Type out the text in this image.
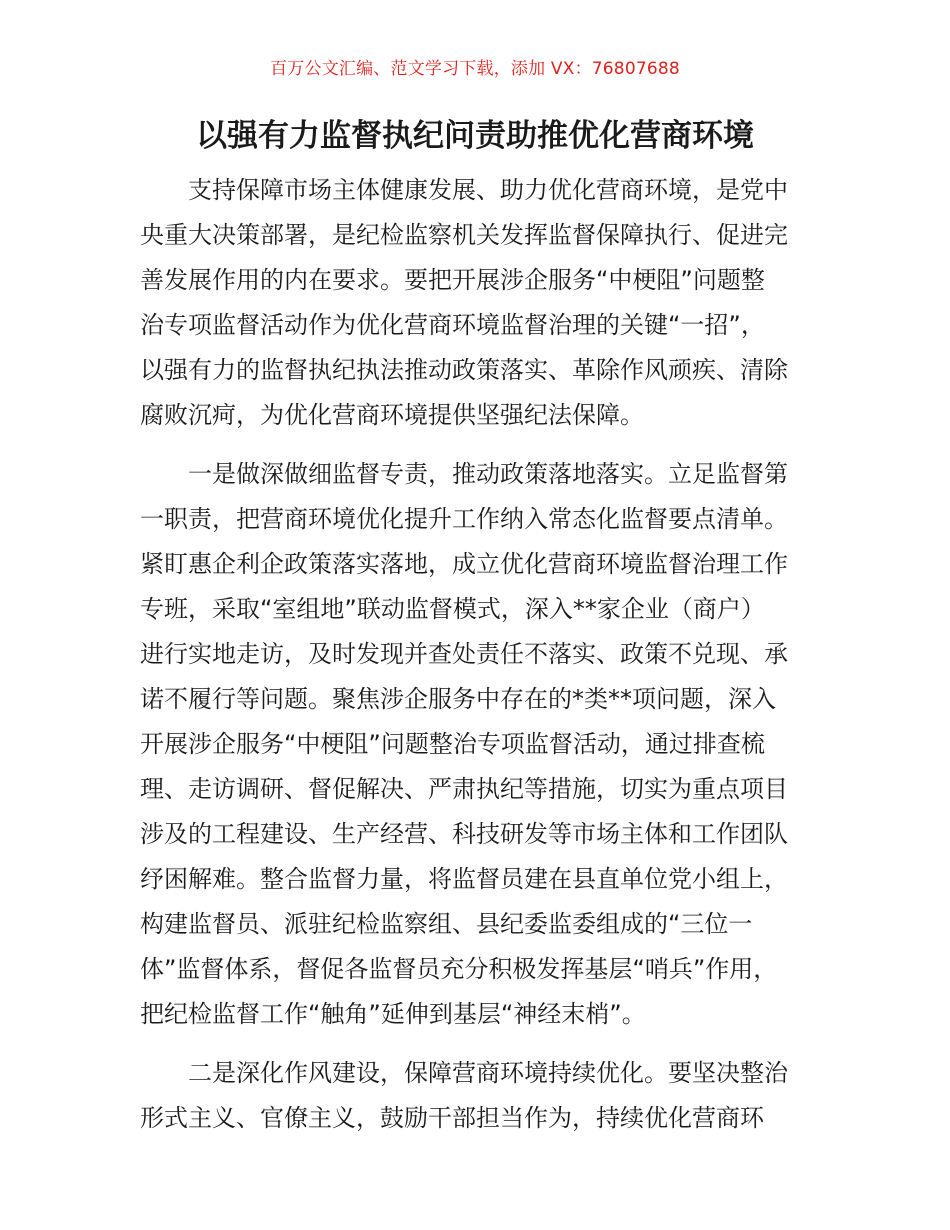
百万公文汇编、范文学习下载，添加 VX：76807688
以强有力监督执纪问责助推优化营商环境
支持保障市场主体健康发展、助力优化营商环境，是党中
央重大决策部署，是纪检监察机关发挥监督保障执行、促进完
善发展作用的内在要求。要把开展涉企服务“中梗阻”问题整
治专项监督活动作为优化营商环境监督治理的关键“一招”，
以强有力的监督执纪执法推动政策落实、革除作风顽疾、清除
腐败沉疴，为优化营商环境提供坚强纪法保障。
一是做深做细监督专责，推动政策落地落实。立足监督第
一职责，把营商环境优化提升工作纳入常态化监督要点清单。
紧盯惠企利企政策落实落地，成立优化营商环境监督治理工作
专班，采取“室组地”联动监督模式，深入**家企业（商户）
进行实地走访，及时发现并查处责任不落实、政策不兑现、承
诺不履行等问题。聚焦涉企服务中存在的*类**项问题，深入
开展涉企服务“中梗阻”问题整治专项监督活动，通过排查梳
理、走访调研、督促解决、严肃执纪等措施，切实为重点项目
涉及的工程建设、生产经营、科技研发等市场主体和工作团队
纾困解难。整合监督力量，将监督员建在县直单位党小组上，
构建监督员、派驻纪检监察组、县纪委监委组成的“三位一
体”监督体系，督促各监督员充分积极发挥基层“哨兵”作用，
把纪检监督工作“触角”延伸到基层“神经末梢”。
二是深化作风建设，保障营商环境持续优化。要坚决整治
形式主义、官僚主义，鼓励干部担当作为，持续优化营商环
